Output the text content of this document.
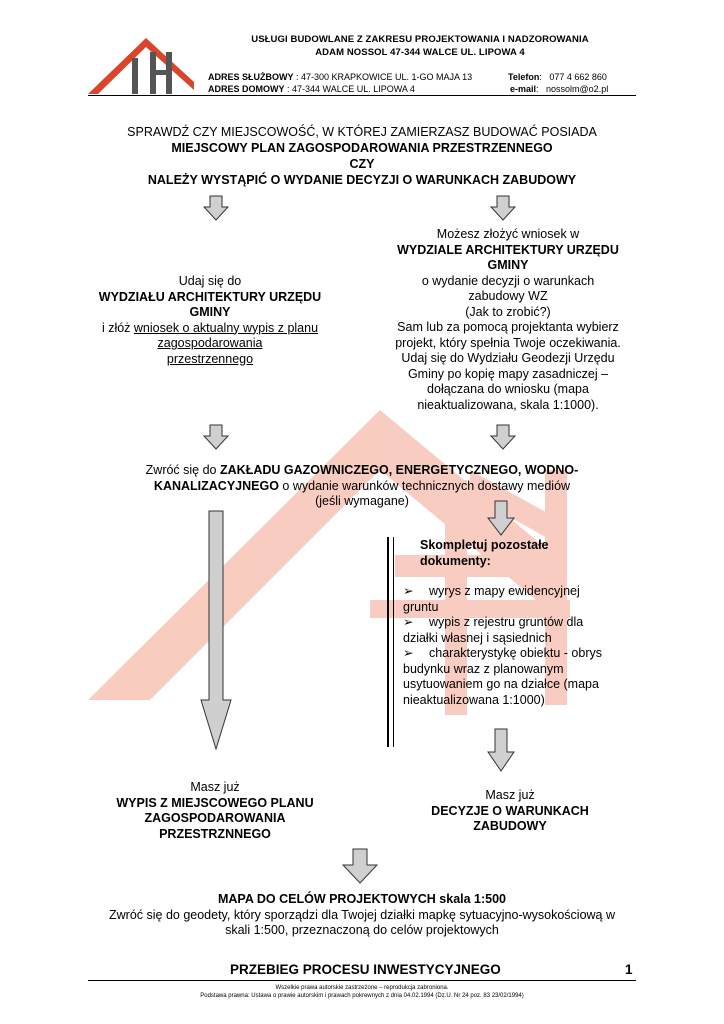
USŁUGI BUDOWLANE Z ZAKRESU PROJEKTOWANIA I NADZOROWANIA
ADAM NOSSOL 47-344 WALCE UL. LIPOWA 4
ADRES SŁUŻBOWY : 47-300 KRAPKOWICE UL. 1-GO MAJA 13
ADRES DOMOWY : 47-344 WALCE UL. LIPOWA 4
Telefon:   077 4 662 860
e-mail:   nossolm@o2.pl
SPRAWDŹ CZY MIEJSCOWOŚĆ, W KTÓREJ ZAMIERZASZ BUDOWAĆ POSIADA
MIEJSCOWY PLAN ZAGOSPODAROWANIA PRZESTRZENNEGO
CZY
NALEŻY WYSTĄPIĆ O WYDANIE DECYZJI O WARUNKACH ZABUDOWY
Udaj się do
WYDZIAŁU ARCHITEKTURY URZĘDU
GMINY
i złóż wniosek o aktualny wypis z planu
zagospodarowania
przestrzennego
Możesz złożyć wniosek w
WYDZIALE ARCHITEKTURY URZĘDU
GMINY
o wydanie decyzji o warunkach
zabudowy WZ
(Jak to zrobić?)
Sam lub za pomocą projektanta wybierz
projekt, który spełnia Twoje oczekiwania.
Udaj się do Wydziału Geodezji Urzędu
Gminy po kopię mapy zasadniczej –
dołączana do wniosku (mapa
nieaktualizowana, skala 1:1000).
Zwróć się do ZAKŁADU GAZOWNICZEGO, ENERGETYCZNEGO, WODNO-
KANALIZACYJNEGO o wydanie warunków technicznych dostawy mediów
(jeśli wymagane)
Skompletuj pozostałe
dokumenty:
➢ wyrys z mapy ewidencyjnej
gruntu
➢ wypis z rejestru gruntów dla
działki własnej i sąsiednich
➢ charakterystykę obiektu - obrys
budynku wraz z planowanym
usytuowaniem go na działce (mapa
nieaktualizowana 1:1000)
Masz już
WYPIS Z MIEJSCOWEGO PLANU
ZAGOSPODAROWANIA
PRZESTRZNNEGO
Masz już
DECYZJE O WARUNKACH
ZABUDOWY
MAPA DO CELÓW PROJEKTOWYCH skala 1:500
Zwróć się do geodety, który sporządzi dla Twojej działki mapkę sytuacyjno-wysokościową w
skali 1:500, przeznaczoną do celów projektowych
PRZEBIEG PROCESU INWESTYCYJNEGO	1
Wszelkie prawa autorskie zastrzeżone – reprodukcja zabroniona.
Podstawa prawna: Ustawa o prawie autorskim i prawach pokrewnych z dnia 04.02.1994 (Dz.U. Nr 24 poz. 83 23/02/1994)
